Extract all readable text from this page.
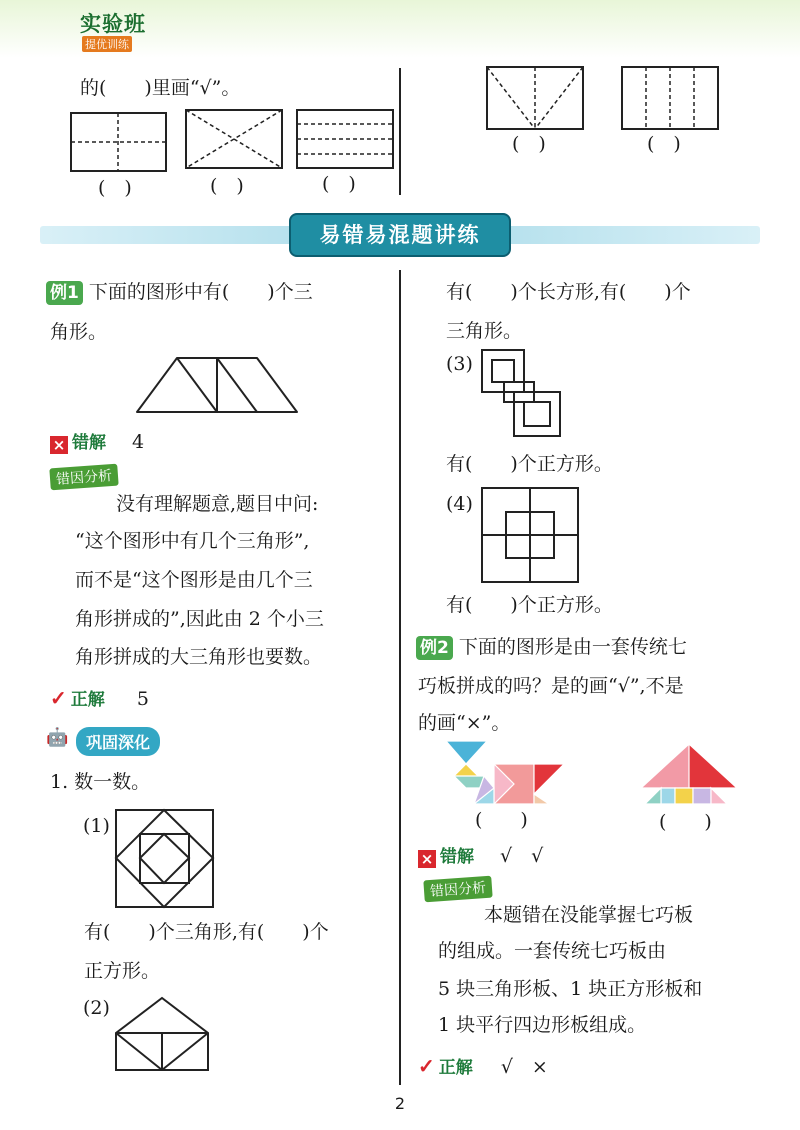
实验班
提优训练
的(　　)里画“√”。
(　)	(　)	(　)
(　)	(　)
易错易混题讲练
例1 下面的图形中有(　　)个三
角形。
× 错解 4
错因分析
没有理解题意,题目中问:
“这个图形中有几个三角形”,
而不是“这个图形是由几个三
角形拼成的”,因此由 2 个小三
角形拼成的大三角形也要数。
✓ 正解 5
🤖	巩固深化
1. 数一数。
(1)
有(　　)个三角形,有(　　)个
正方形。
(2)
有(　　)个长方形,有(　　)个
三角形。
(3)
有(　　)个正方形。
(4)
有(　　)个正方形。
例2 下面的图形是由一套传统七
巧板拼成的吗？是的画“√”,不是
的画“×”。
(　　)	(　　)
× 错解 √　√
错因分析
本题错在没能掌握七巧板
的组成。一套传统七巧板由
5 块三角形板、1 块正方形板和
1 块平行四边形板组成。
✓ 正解 √　×
2
